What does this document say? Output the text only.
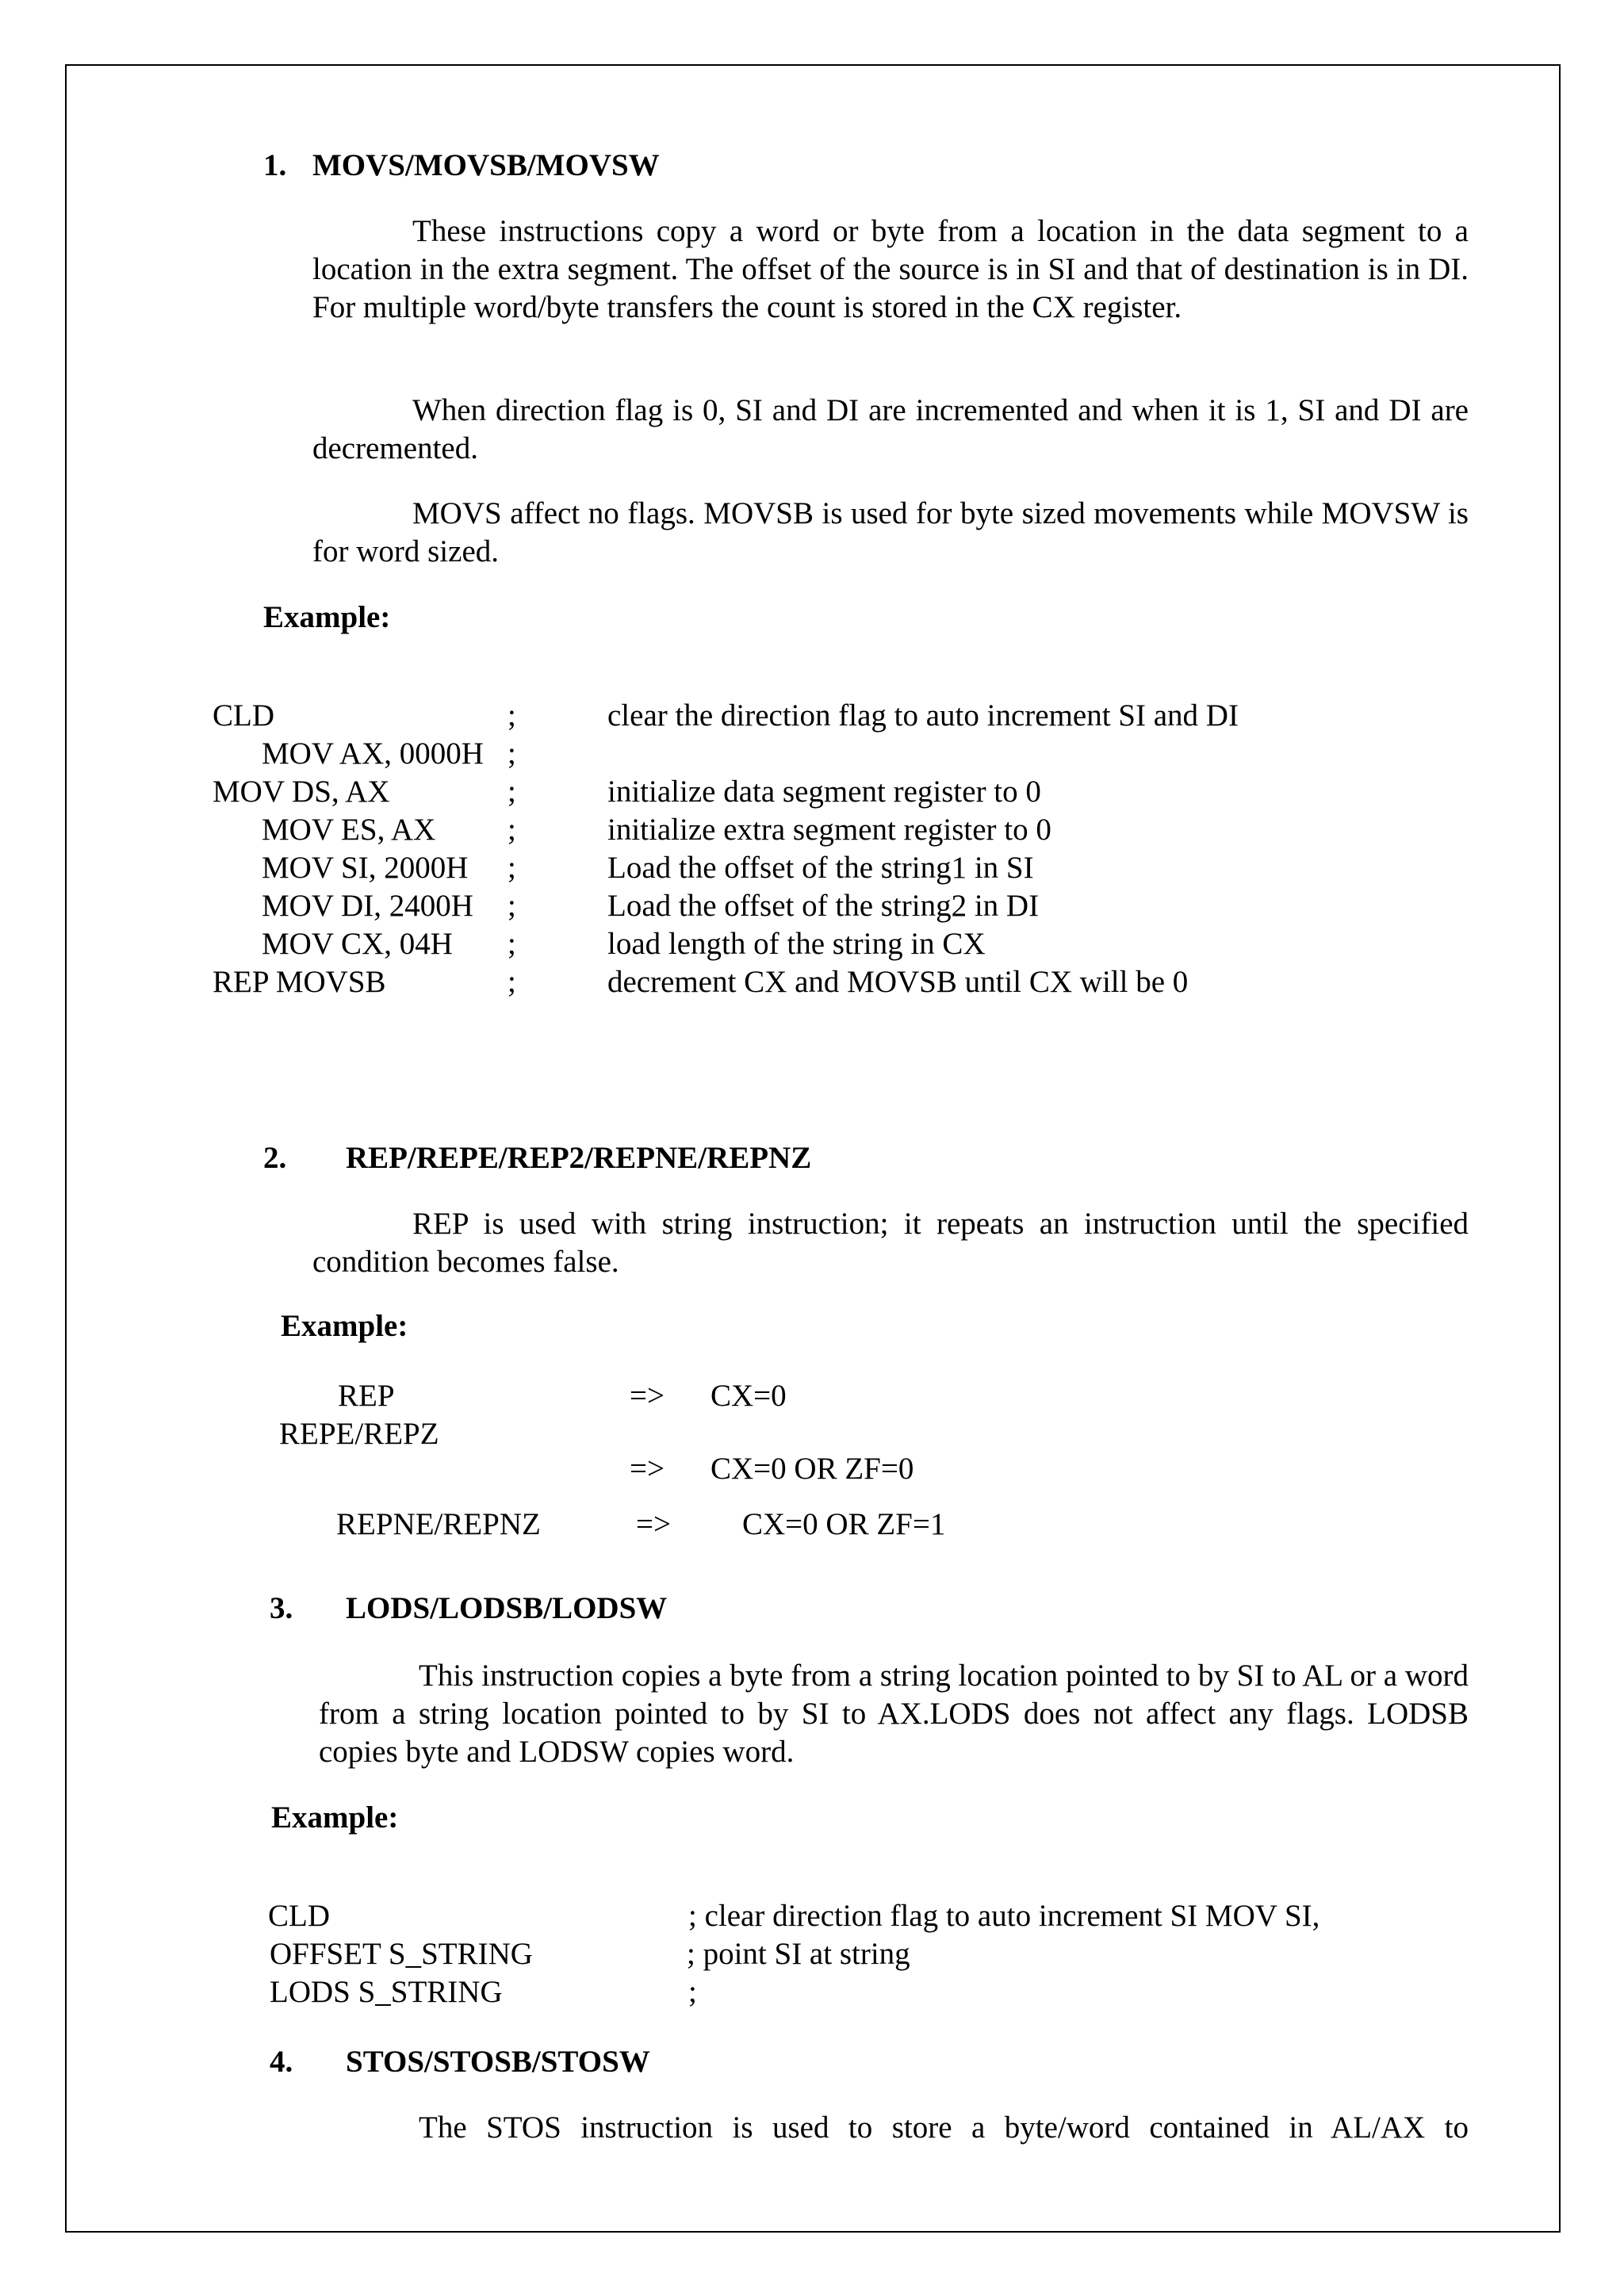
1. MOVS/MOVSB/MOVSW

These instructions copy a word or byte from a location in the data segment to a location in the extra segment. The offset of the source is in SI and that of destination is in DI. For multiple word/byte transfers the count is stored in the CX register.

When direction flag is 0, SI and DI are incremented and when it is 1, SI and DI are decremented.

MOVS affect no flags. MOVSB is used for byte sized movements while MOVSW is for word sized.

Example:
CLD	;	clear the direction flag to auto increment SI and DI
MOV AX, 0000H ;
MOV DS, AX	;	initialize data segment register to 0
MOV ES, AX ;	initialize extra segment register to 0
MOV SI, 2000H ;	Load the offset of the string1 in SI
MOV DI, 2400H ;	Load the offset of the string2 in DI
MOV CX, 04H ;	load length of the string in CX
REP MOVSB	;	decrement CX and MOVSB until CX will be 0
2. REP/REPE/REP2/REPNE/REPNZ

REP is used with string instruction; it repeats an instruction until the specified condition becomes false.

Example:
REP	=> CX=0
REPE/REPZ
=> CX=0 OR ZF=0
REPNE/REPNZ	=> CX=0 OR ZF=1
3. LODS/LODSB/LODSW

This instruction copies a byte from a string location pointed to by SI to AL or a word from a string location pointed to by SI to AX.LODS does not affect any flags. LODSB copies byte and LODSW copies word.

Example:
CLD	; clear direction flag to auto increment SI MOV SI,
OFFSET S_STRING	; point SI at string
LODS S_STRING	;
4. STOS/STOSB/STOSW

The STOS instruction is used to store a byte/word contained in AL/AX to
